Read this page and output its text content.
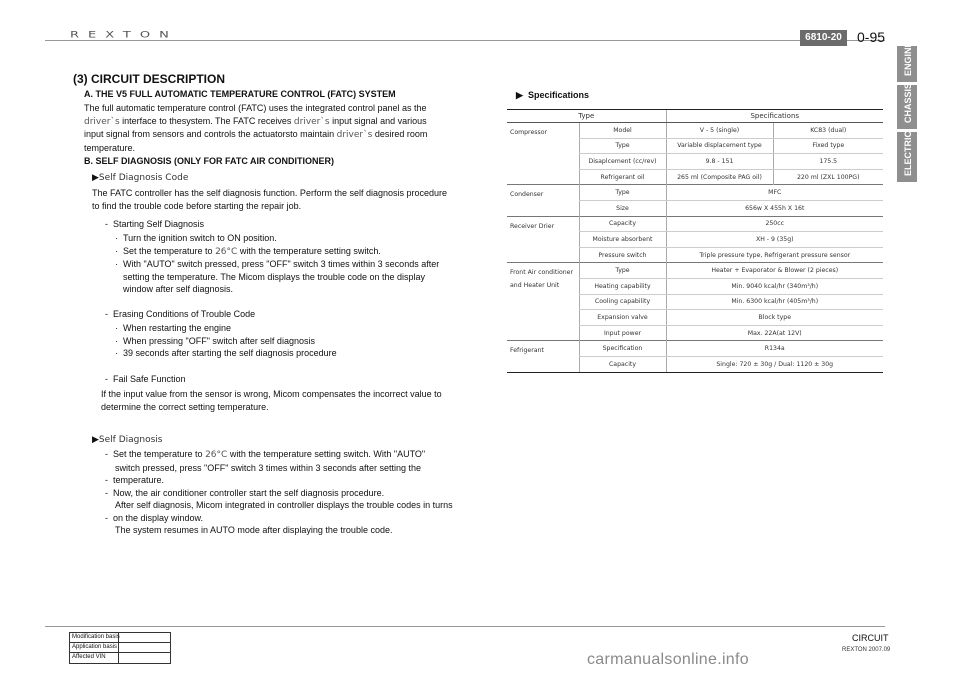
REXTON	6810-20	0-95
ENGINE
CHASSIS
ELECTRIC
(3) CIRCUIT DESCRIPTION
A. THE V5 FULL AUTOMATIC TEMPERATURE CONTROL (FATC) SYSTEM
The full automatic temperature control (FATC) uses the integrated control panel as the
driver`s interface to thesystem. The FATC receives driver`s input signal and various
input signal from sensors and controls the actuatorsto maintain driver`s desired room
temperature.
B. SELF DIAGNOSIS (ONLY FOR FATC AIR CONDITIONER)
▶Self Diagnosis Code
The FATC controller has the self diagnosis function. Perform the self diagnosis procedure
to find the trouble code before starting the repair job.
-  Starting Self Diagnosis
·  Turn the ignition switch to ON position.
·  Set the temperature to 26°C with the temperature setting switch.
·  With "AUTO" switch pressed, press "OFF" switch 3 times within 3 seconds after
setting the temperature. The Micom displays the trouble code on the display
window after self diagnosis.
-  Erasing Conditions of Trouble Code
·  When restarting the engine
·  When pressing "OFF" switch after self diagnosis
·  39 seconds after starting the self diagnosis procedure
-  Fail Safe Function
If the input value from the sensor is wrong, Micom compensates the incorrect value to
determine the correct setting temperature.
▶Self Diagnosis
-  Set the temperature to 26°C with the temperature setting switch. With "AUTO"
switch pressed, press "OFF" switch 3 times within 3 seconds after setting the
-  temperature.
-  Now, the air conditioner controller start the self diagnosis procedure.
After self diagnosis, Micom integrated in controller displays the trouble codes in turns
-  on the display window.
The system resumes in AUTO mode after displaying the trouble code.
▶ Specifications
Type		Specifications	
Compressor	Model	V - 5 (single)	KC83 (dual)
	Type	Variable displacement type	Fixed type
	Disaplcement (cc/rev)	9.8 - 151	175.5
	Refrigerant oil	265 ml (Composite PAG oil)	220 ml (ZXL 100PG)
Condenser	Type	MFC	
	Size	656w X 455h X 16t	
Receiver Drier	Capacity	250cc	
	Moisture absorbent	XH - 9 (35g)	
	Pressure switch	Triple pressure type, Refrigerant pressure sensor	

Front Air conditioner
and Heater Unit	Type	Heater + Evaporator & Blower (2 pieces)	
	Heating capability	Min. 9040 kcal/hr (340m³/h)	
	Cooling capability	Min. 6300 kcal/hr (405m³/h)	
	Expansion valve	Block type	
	Input power	Max. 22A(at 12V)	
Fefrigerant	Specification	R134a	
	Capacity	Single: 720 ± 30g / Dual: 1120 ± 30g	
Modification basis
Application basis
Affected VIN
CIRCUIT
REXTON 2007.09
carmanualsonline.info
